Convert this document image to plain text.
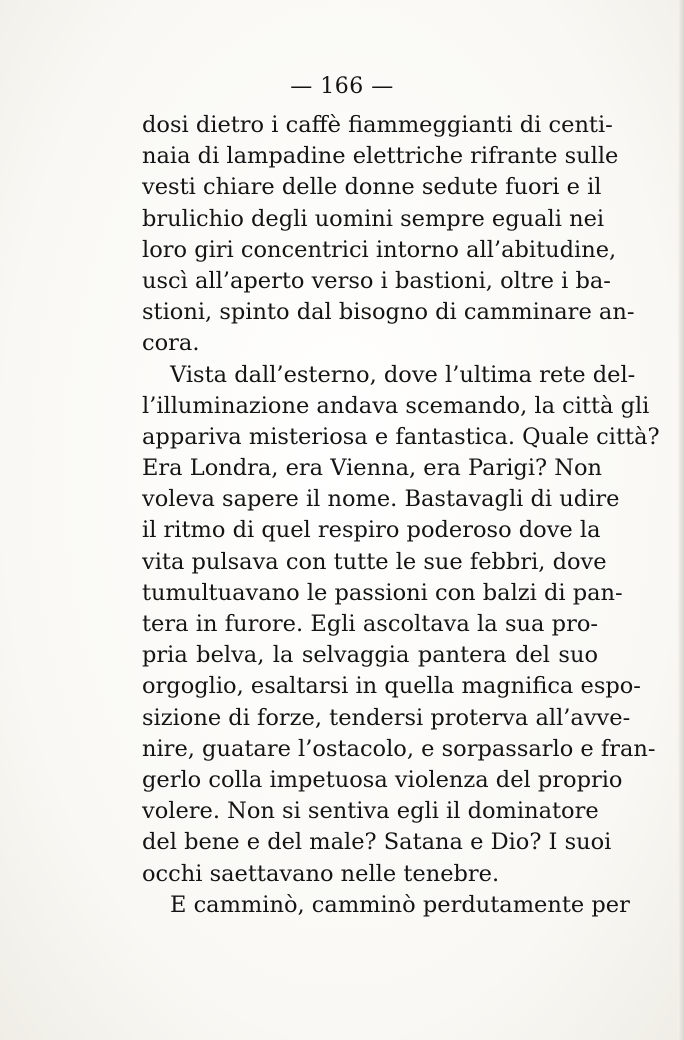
— 166 —
dosi dietro i caffè fiammeggianti di centi-
naia di lampadine elettriche rifrante sulle
vesti chiare delle donne sedute fuori e il
brulichio degli uomini sempre eguali nei
loro giri concentrici intorno all’abitudine,
uscì all’aperto verso i bastioni, oltre i ba-
stioni, spinto dal bisogno di camminare an-
cora.
Vista dall’esterno, dove l’ultima rete del-
l’illuminazione andava scemando, la città gli
appariva misteriosa e fantastica. Quale città?
Era Londra, era Vienna, era Parigi? Non
voleva sapere il nome. Bastavagli di udire
il ritmo di quel respiro poderoso dove la
vita pulsava con tutte le sue febbri, dove
tumultuavano le passioni con balzi di pan-
tera in furore. Egli ascoltava la sua pro-
pria belva, la selvaggia pantera del suo
orgoglio, esaltarsi in quella magnifica espo-
sizione di forze, tendersi proterva all’avve-
nire, guatare l’ostacolo, e sorpassarlo e fran-
gerlo colla impetuosa violenza del proprio
volere. Non si sentiva egli il dominatore
del bene e del male? Satana e Dio? I suoi
occhi saettavano nelle tenebre.
E camminò, camminò perdutamente per
